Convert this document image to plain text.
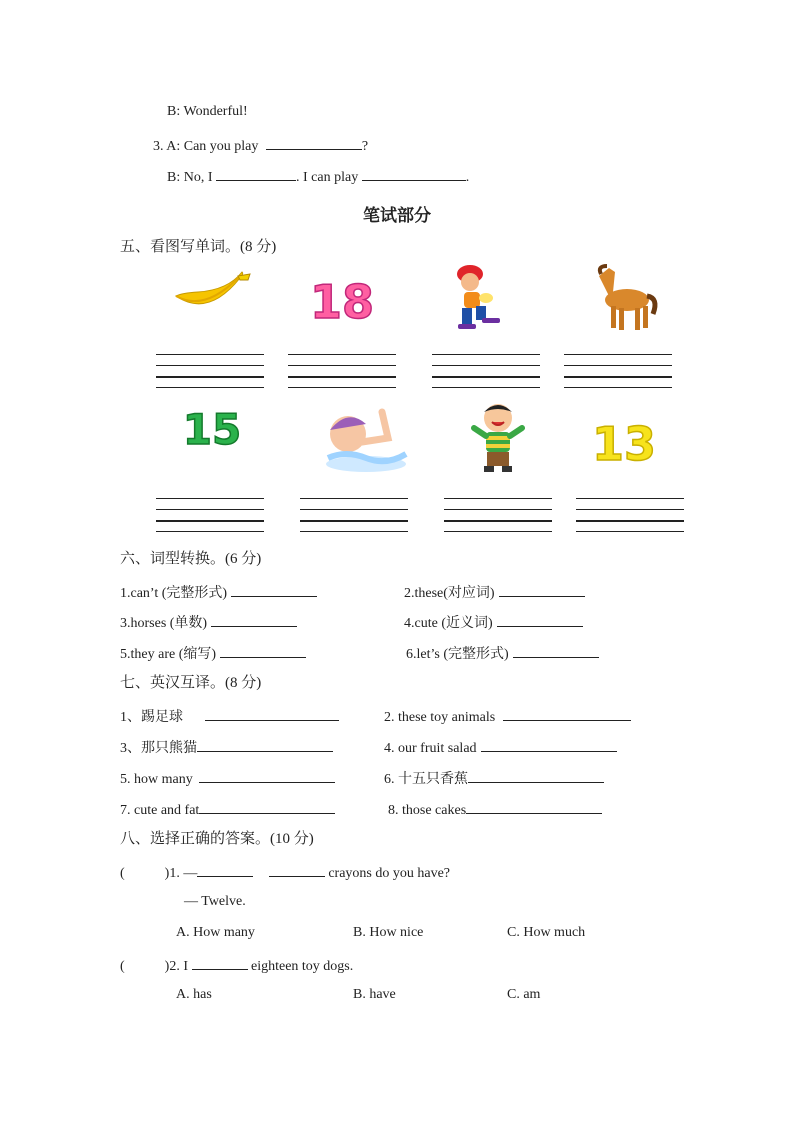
B: Wonderful!
3. A: Can you play	?
B: No, I	. I can play	.
笔试部分
五、看图写单词。(8 分)
18
15	13
六、词型转换。(6 分)
1.can’t (完整形式)	2.these(对应词)
3.horses (单数)	4.cute (近义词)
5.they are (缩写)	6.let’s (完整形式)
七、英汉互译。(8 分)
1、踢足球	2. these toy animals
3、那只熊猫	4. our fruit salad
5. how many	6. 十五只香蕉
7. cute and fat	8. those cakes
八、选择正确的答案。(10 分)
(	)1. —	crayons do you have?
— Twelve.
A. How many	B. How nice	C. How much
(	)2. I	eighteen toy dogs.
A. has	B. have	C. am
